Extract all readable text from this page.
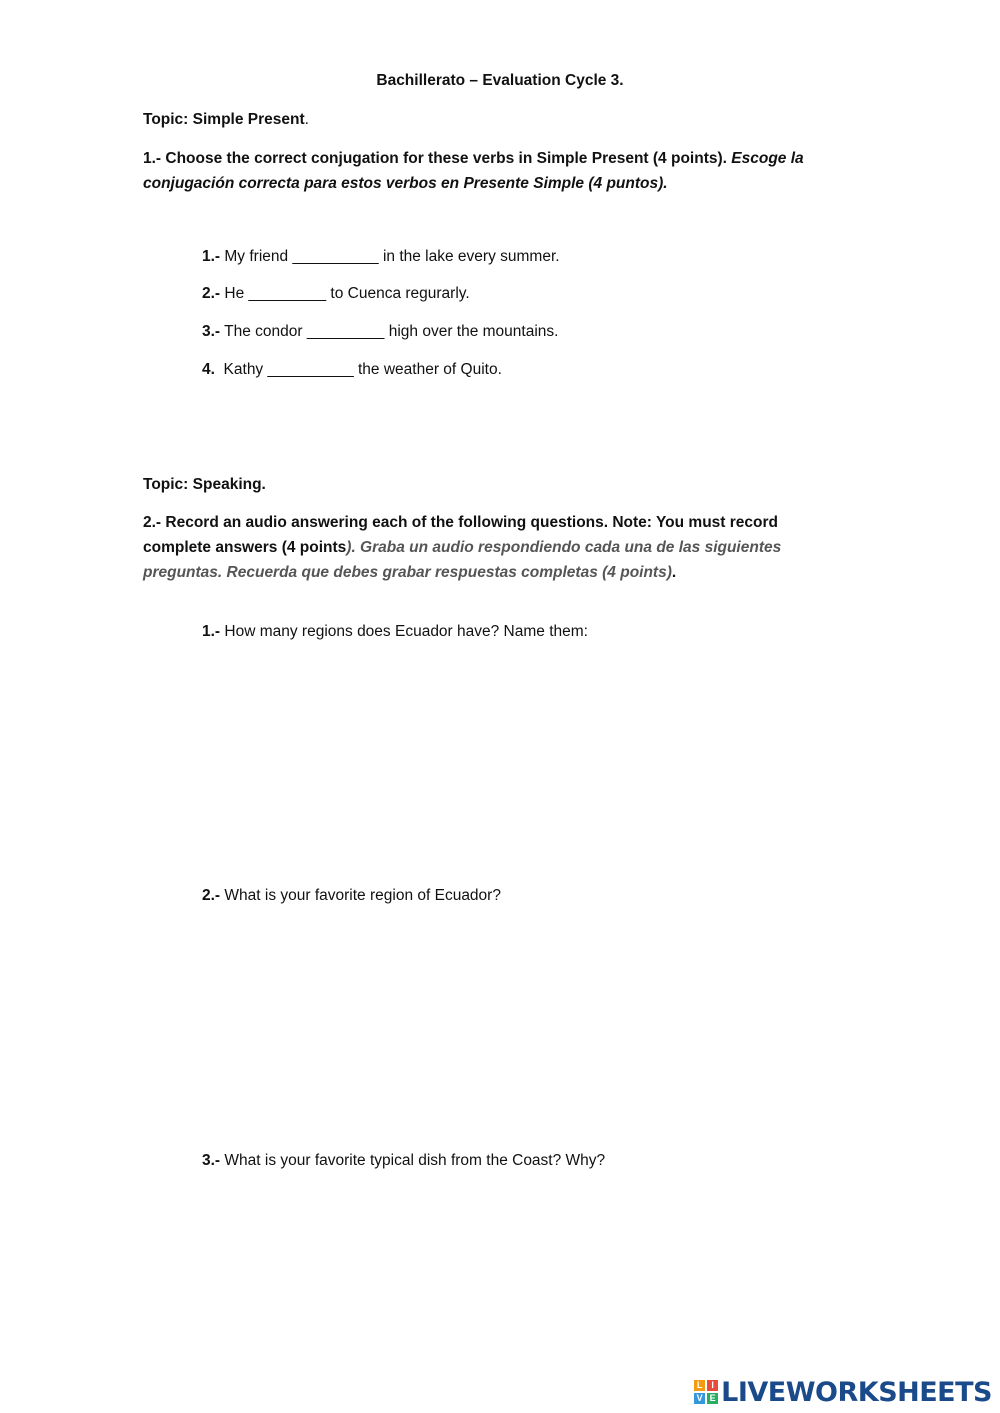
Bachillerato – Evaluation Cycle 3.
Topic: Simple Present.
1.- Choose the correct conjugation for these verbs in Simple Present (4 points). Escoge la conjugación correcta para estos verbos en Presente Simple (4 puntos).
1.- My friend __________ in the lake every summer.
2.- He _________ to Cuenca regurarly.
3.- The condor _________ high over the mountains.
4.  Kathy __________ the weather of Quito.
Topic: Speaking.
2.- Record an audio answering each of the following questions. Note: You must record complete answers (4 points). Graba un audio respondiendo cada una de las siguientes preguntas. Recuerda que debes grabar respuestas completas (4 points).
1.- How many regions does Ecuador have? Name them:
2.- What is your favorite region of Ecuador?
3.- What is your favorite typical dish from the Coast? Why?
L I
V E LIVEWORKSHEETS
